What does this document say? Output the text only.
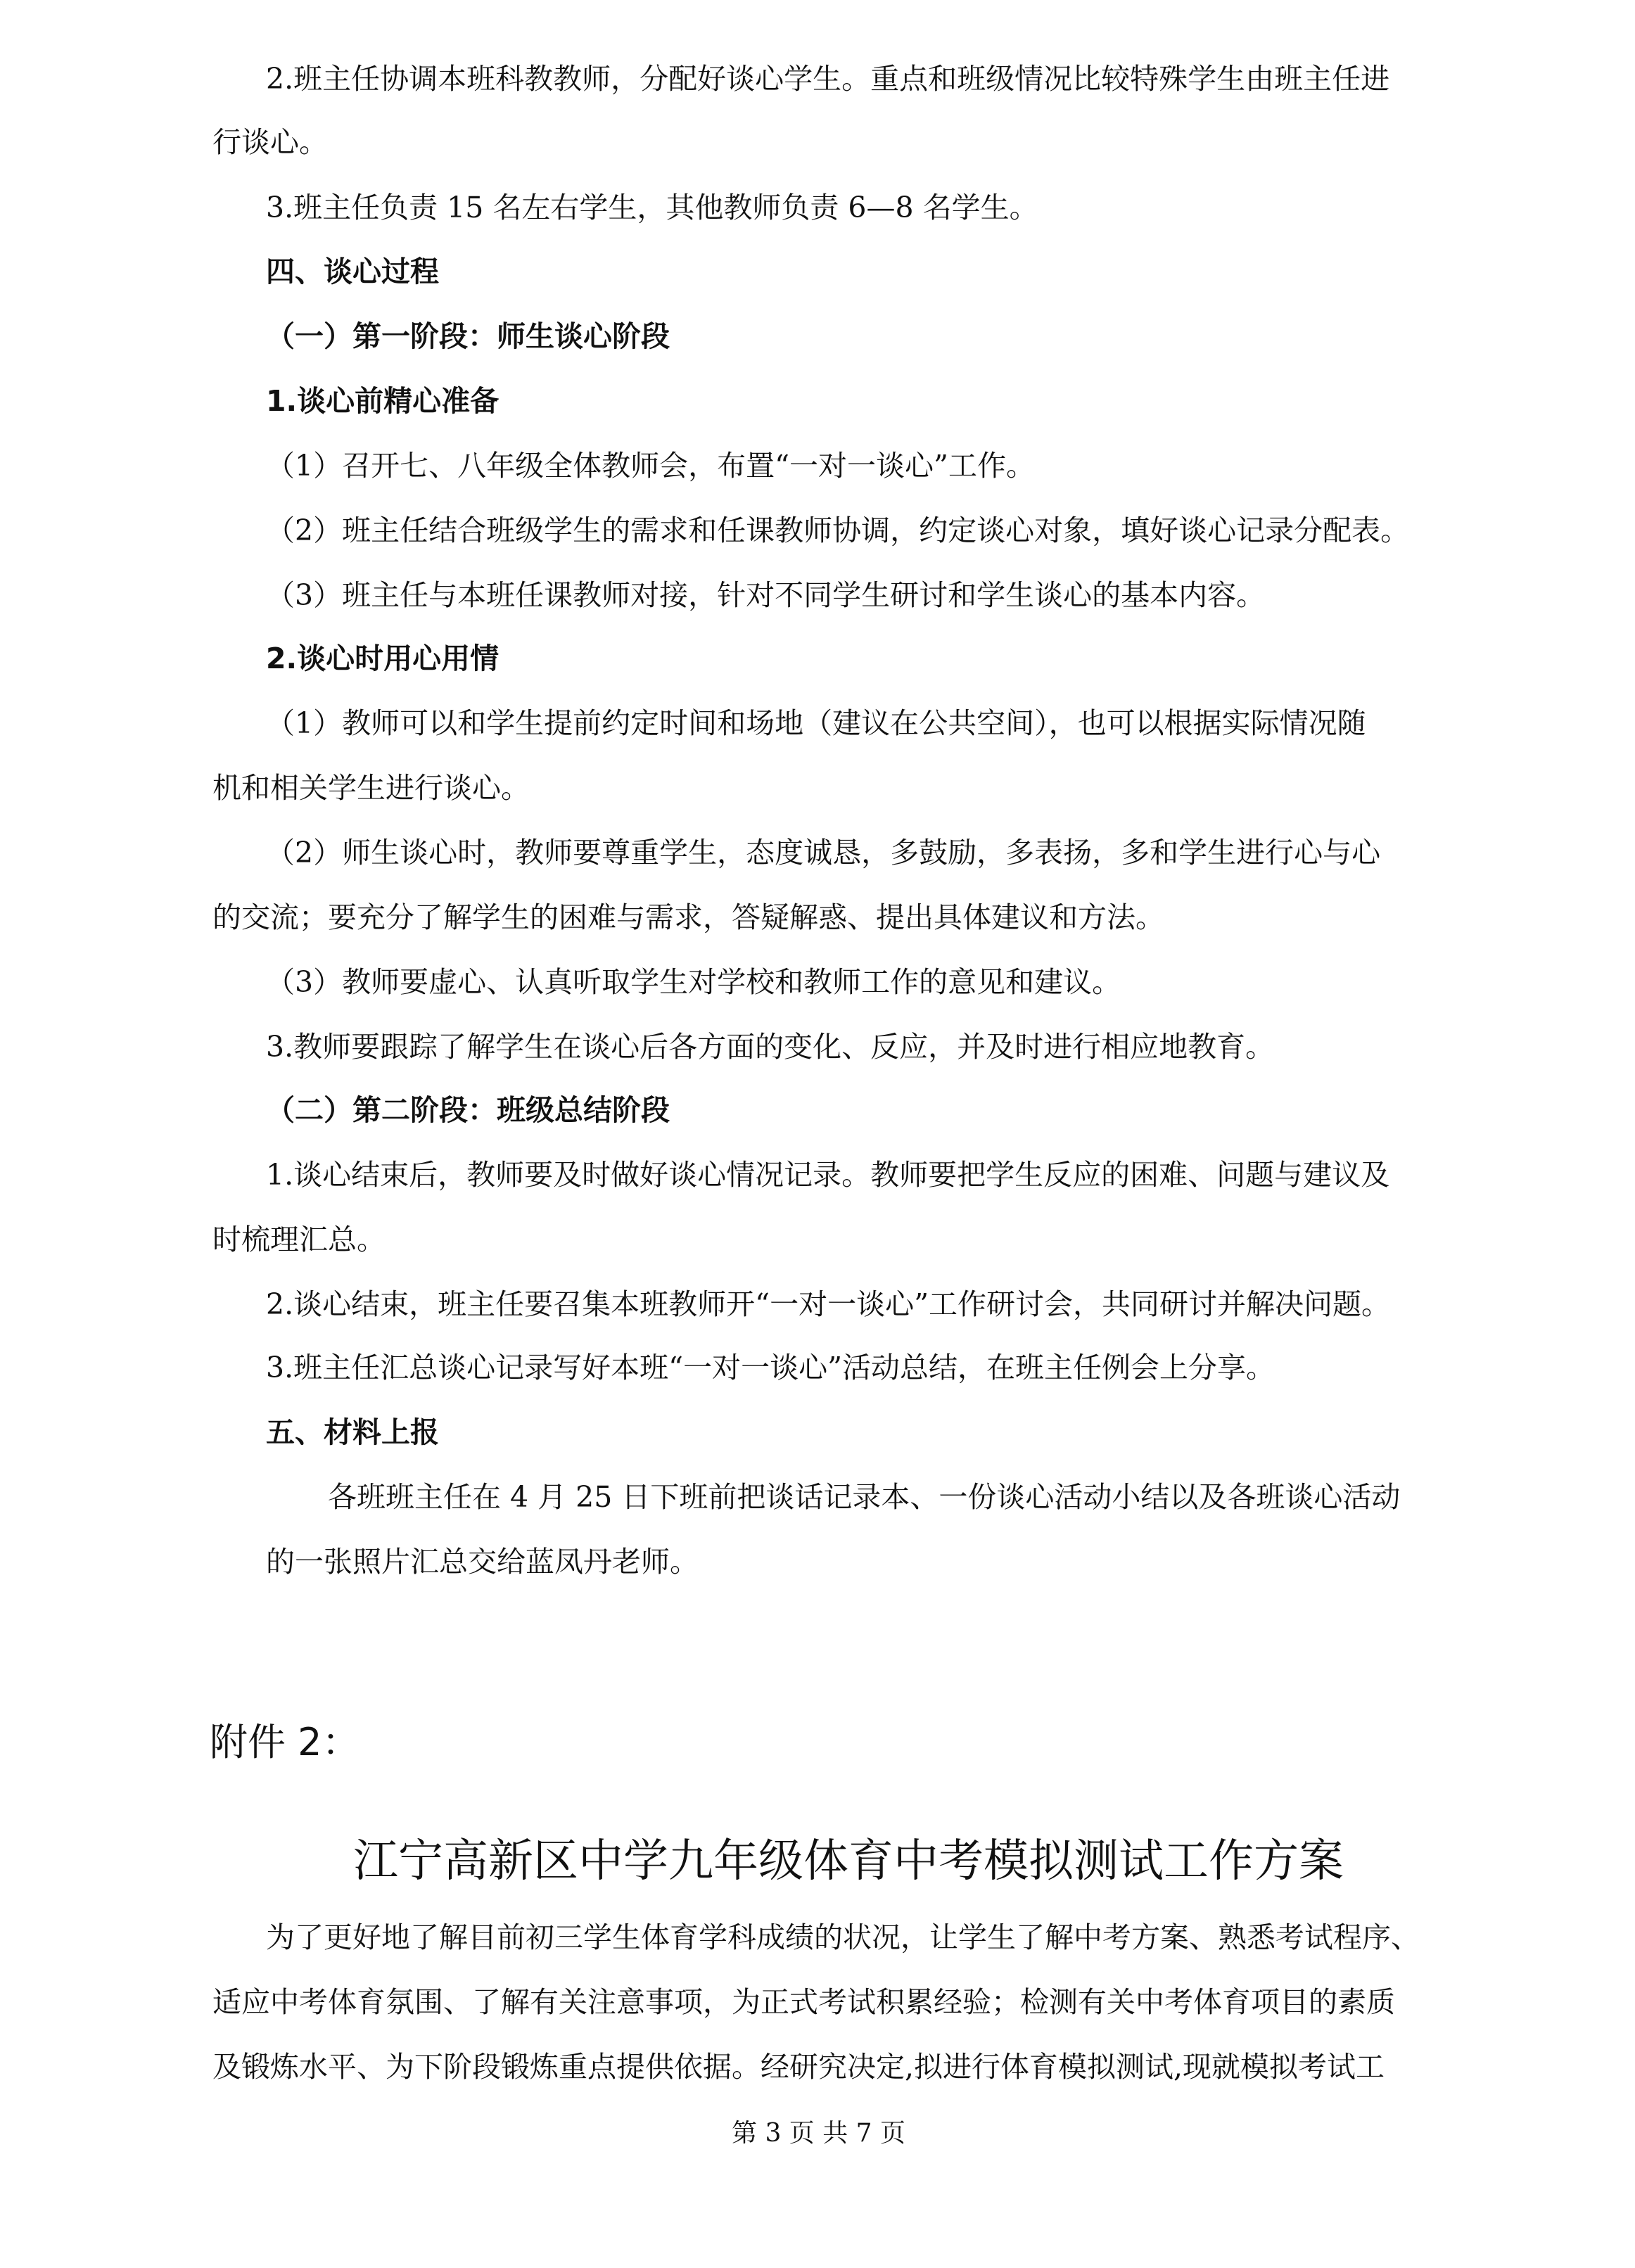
2.班主任协调本班科教教师，分配好谈心学生。重点和班级情况比较特殊学生由班主任进
行谈心。
3.班主任负责 15 名左右学生，其他教师负责 6—8 名学生。
四、谈心过程
（一）第一阶段：师生谈心阶段
1.谈心前精心准备
（1）召开七、八年级全体教师会，布置“一对一谈心”工作。
（2）班主任结合班级学生的需求和任课教师协调，约定谈心对象，填好谈心记录分配表。
（3）班主任与本班任课教师对接，针对不同学生研讨和学生谈心的基本内容。
2.谈心时用心用情
（1）教师可以和学生提前约定时间和场地（建议在公共空间），也可以根据实际情况随
机和相关学生进行谈心。
（2）师生谈心时，教师要尊重学生，态度诚恳，多鼓励，多表扬，多和学生进行心与心
的交流；要充分了解学生的困难与需求，答疑解惑、提出具体建议和方法。
（3）教师要虚心、认真听取学生对学校和教师工作的意见和建议。
3.教师要跟踪了解学生在谈心后各方面的变化、反应，并及时进行相应地教育。
（二）第二阶段：班级总结阶段
1.谈心结束后，教师要及时做好谈心情况记录。教师要把学生反应的困难、问题与建议及
时梳理汇总。
2.谈心结束，班主任要召集本班教师开“一对一谈心”工作研讨会，共同研讨并解决问题。
3.班主任汇总谈心记录写好本班“一对一谈心”活动总结，在班主任例会上分享。
五、材料上报
各班班主任在 4 月 25 日下班前把谈话记录本、一份谈心活动小结以及各班谈心活动
的一张照片汇总交给蓝凤丹老师。
附件 2：
江宁高新区中学九年级体育中考模拟测试工作方案
为了更好地了解目前初三学生体育学科成绩的状况，让学生了解中考方案、熟悉考试程序、
适应中考体育氛围、了解有关注意事项，为正式考试积累经验；检测有关中考体育项目的素质
及锻炼水平、为下阶段锻炼重点提供依据。经研究决定,拟进行体育模拟测试,现就模拟考试工
第 3 页 共 7 页
